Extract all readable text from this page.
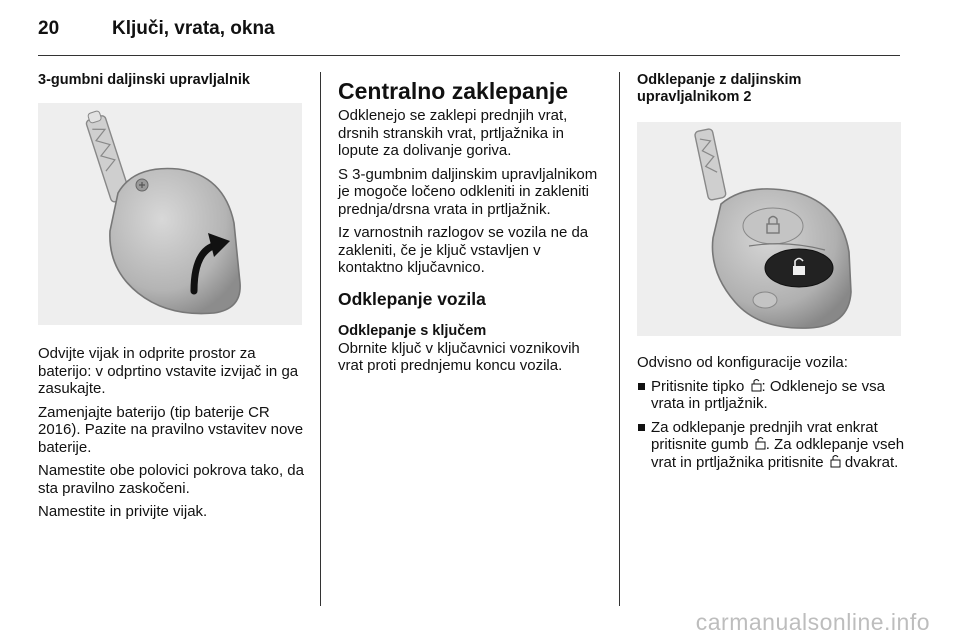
20	Ključi, vrata, okna
3-gumbni daljinski upravljalnik

Odvijte vijak in odprite prostor za baterijo: v odprtino vstavite izvijač in ga zasukajte.

Zamenjajte baterijo (tip baterije CR 2016). Pazite na pravilno vstavitev nove baterije.

Namestite obe polovici pokrova tako, da sta pravilno zaskočeni.

Namestite in privijte vijak.

Centralno zaklepanje

Odklenejo se zaklepi prednjih vrat, drsnih stranskih vrat, prtljažnika in lopute za dolivanje goriva.

S 3-gumbnim daljinskim upravljalnikom je mogoče ločeno odkleniti in zakleniti prednja/drsna vrata in prtljažnik.

Iz varnostnih razlogov se vozila ne da zakleniti, če je ključ vstavljen v kontaktno ključavnico.

Odklepanje vozila
Odklepanje s ključem

Obrnite ključ v ključavnici voznikovih vrat proti prednjemu koncu vozila.

Odklepanje z daljinskim
upravljalnikom 2

Odvisno od konfiguracije vozila:

Pritisnite tipko : Odklenejo se vsa vrata in prtljažnik.
Za odklepanje prednjih vrat enkrat pritisnite gumb . Za odklepanje vseh vrat in prtljažnika pritisnite dvakrat.
carmanualsonline.info
